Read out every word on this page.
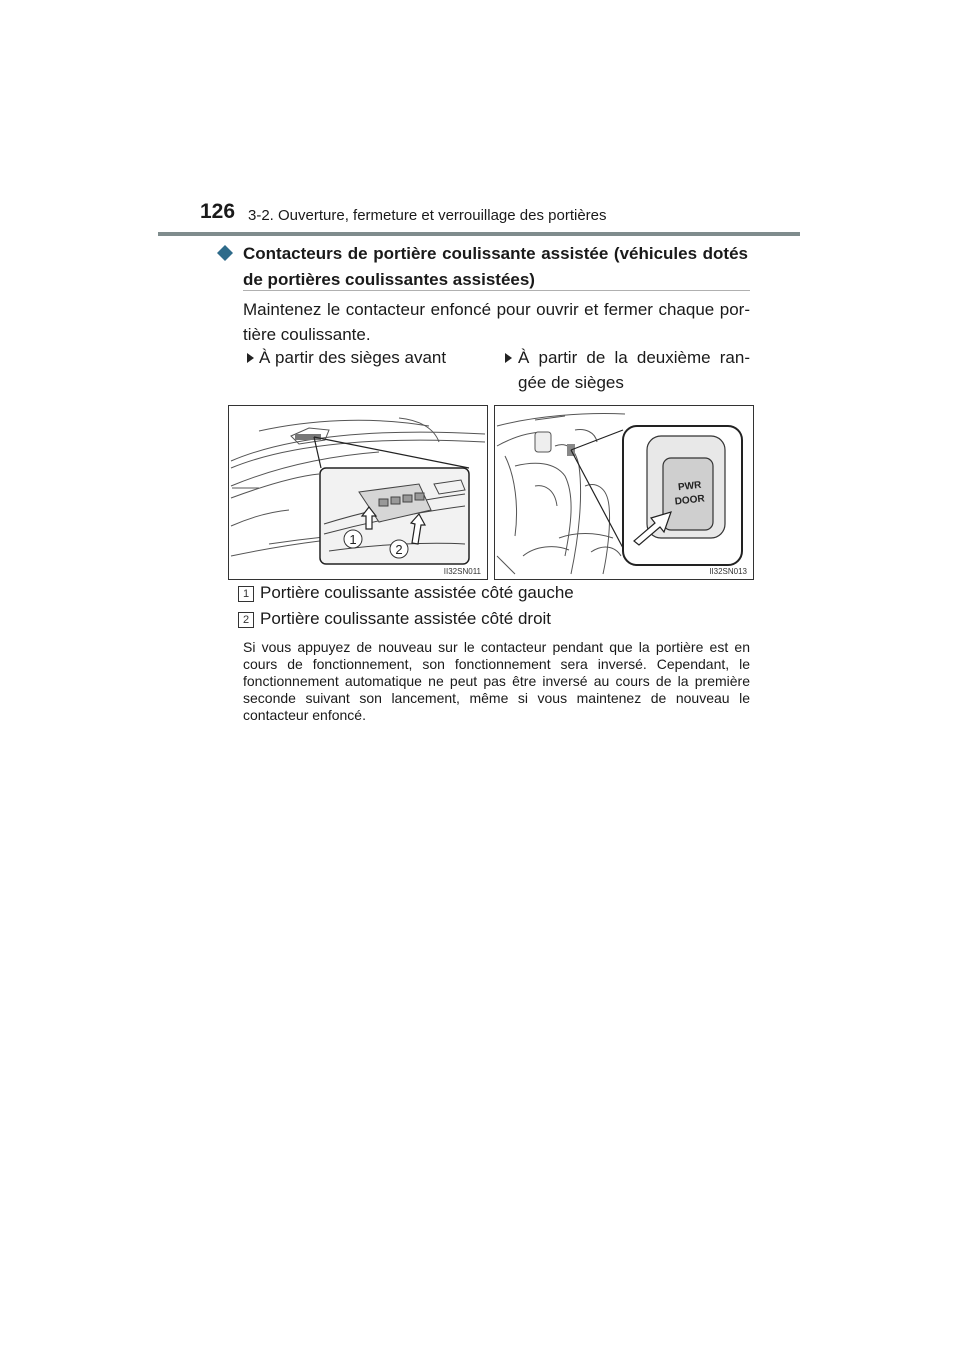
126 3-2. Ouverture, fermeture et verrouillage des portières
Contacteurs de portière coulissante assistée (véhicules dotés de portières coulissantes assistées)
Maintenez le contacteur enfoncé pour ouvrir et fermer chaque por-tière coulissante.
À partir des sièges avant	À partir de la deuxième ran-gée de sièges
1
2
II32SN011
PWR
DOOR
II32SN013
1 Portière coulissante assistée côté gauche
2 Portière coulissante assistée côté droit
Si vous appuyez de nouveau sur le contacteur pendant que la portière est en cours de fonctionnement, son fonctionnement sera inversé. Cependant, le fonctionnement automatique ne peut pas être inversé au cours de la première seconde suivant son lancement, même si vous maintenez de nouveau le contacteur enfoncé.
